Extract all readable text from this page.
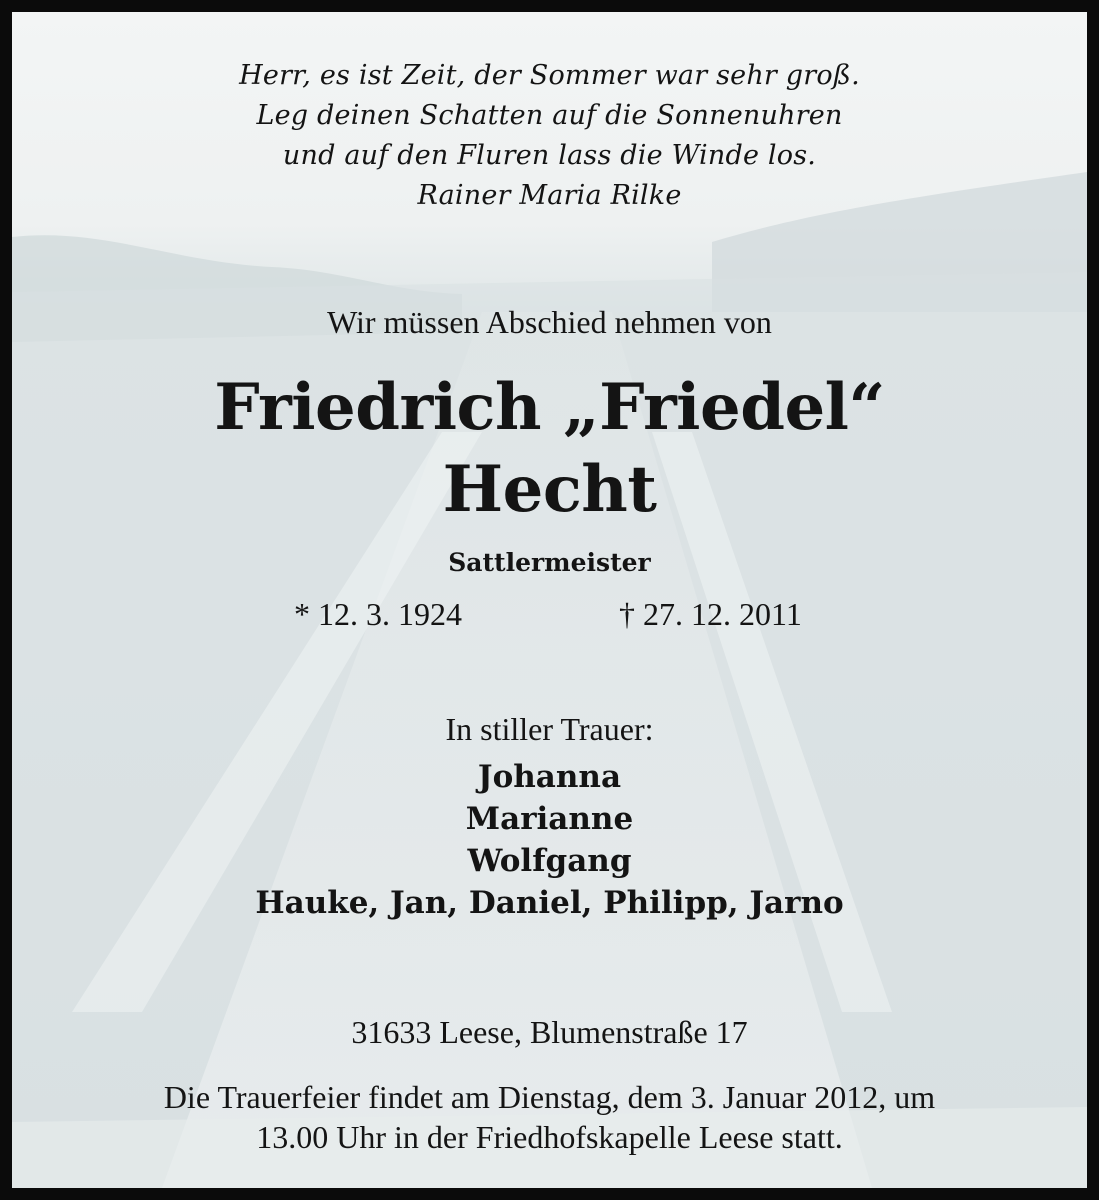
Herr, es ist Zeit, der Sommer war sehr groß.
Leg deinen Schatten auf die Sonnenuhren
und auf den Fluren lass die Winde los.
Rainer Maria Rilke
Wir müssen Abschied nehmen von
Friedrich „Friedel“
Hecht
Sattlermeister
* 12. 3. 1924	† 27. 12. 2011
In stiller Trauer:
Johanna
Marianne
Wolfgang
Hauke, Jan, Daniel, Philipp, Jarno
31633 Leese, Blumenstraße 17
Die Trauerfeier findet am Dienstag, dem 3. Januar 2012, um
13.00 Uhr in der Friedhofskapelle Leese statt.
